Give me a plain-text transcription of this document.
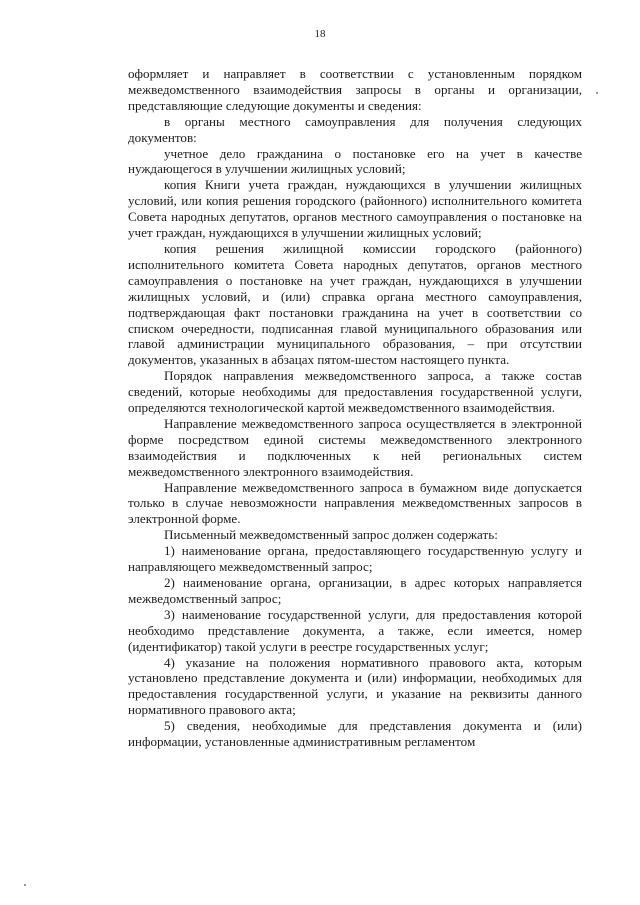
18

оформляет и направляет в соответствии с установленным порядком межведомственного взаимодействия запросы в органы и организации, представляющие следующие документы и сведения:

в органы местного самоуправления для получения следующих документов:

учетное дело гражданина о постановке его на учет в качестве нуждающегося в улучшении жилищных условий;

копия Книги учета граждан, нуждающихся в улучшении жилищных условий, или копия решения городского (районного) исполнительного комитета Совета народных депутатов, органов местного самоуправления о постановке на учет граждан, нуждающихся в улучшении жилищных условий;

копия решения жилищной комиссии городского (районного) исполнительного комитета Совета народных депутатов, органов местного самоуправления о постановке на учет граждан, нуждающихся в улучшении жилищных условий, и (или) справка органа местного самоуправления, подтверждающая факт постановки гражданина на учет в соответствии со списком очередности, подписанная главой муниципального образования или главой администрации муниципального образования, – при отсутствии документов, указанных в абзацах пятом-шестом настоящего пункта.

Порядок направления межведомственного запроса, а также состав сведений, которые необходимы для предоставления государственной услуги, определяются технологической картой межведомственного взаимодействия.

Направление межведомственного запроса осуществляется в электронной форме посредством единой системы межведомственного электронного взаимодействия и подключенных к ней региональных систем межведомственного электронного взаимодействия.

Направление межведомственного запроса в бумажном виде допускается только в случае невозможности направления межведомственных запросов в электронной форме.

Письменный межведомственный запрос должен содержать:

1) наименование органа, предоставляющего государственную услугу и направляющего межведомственный запрос;

2) наименование органа, организации, в адрес которых направляется межведомственный запрос;

3) наименование государственной услуги, для предоставления которой необходимо представление документа, а также, если имеется, номер (идентификатор) такой услуги в реестре государственных услуг;

4) указание на положения нормативного правового акта, которым установлено представление документа и (или) информации, необходимых для предоставления государственной услуги, и указание на реквизиты данного нормативного правового акта;

5) сведения, необходимые для представления документа и (или) информации, установленные административным регламентом
